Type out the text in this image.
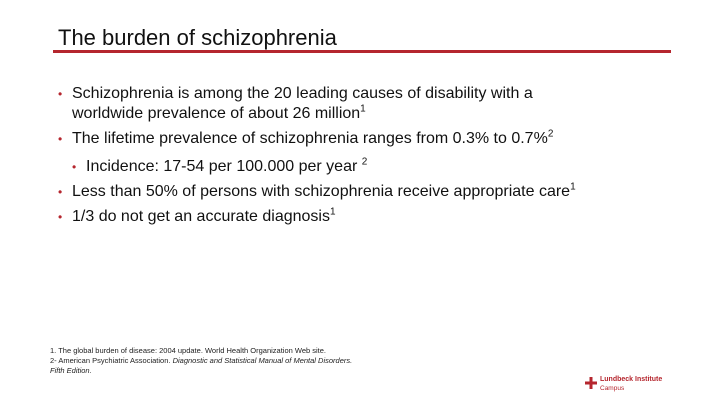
The burden of schizophrenia
• Schizophrenia is among the 20 leading causes of disability with a
worldwide prevalence of about 26 million$^1$
• The lifetime prevalence of schizophrenia ranges from 0.3% to 0.7%$^2$
• Incidence: 17-54 per 100.000 per year $^2$
• Less than 50% of persons with schizophrenia receive appropriate care$^1$
• 1/3 do not get an accurate diagnosis$^1$
1. The global burden of disease: 2004 update. World Health Organization Web site.
2- American Psychiatric Association. Diagnostic and Statistical Manual of Mental Disorders.
Fifth Edition.
Lundbeck Institute
Campus
